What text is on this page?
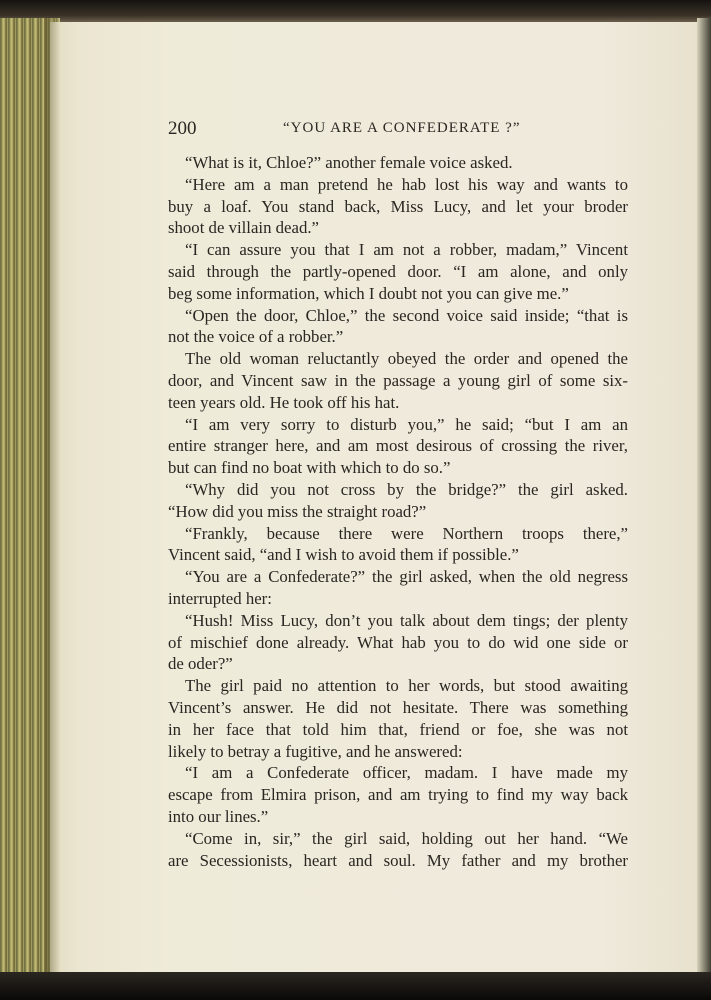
200	“YOU ARE A CONFEDERATE ?”

“What is it, Chloe?” another female voice asked.

“Here am a man pretend he hab lost his way and wants to

buy a loaf. You stand back, Miss Lucy, and let your broder

shoot de villain dead.”

“I can assure you that I am not a robber, madam,” Vincent

said through the partly-opened door. “I am alone, and only

beg some information, which I doubt not you can give me.”

“Open the door, Chloe,” the second voice said inside; “that is

not the voice of a robber.”

The old woman reluctantly obeyed the order and opened the

door, and Vincent saw in the passage a young girl of some six-

teen years old. He took off his hat.

“I am very sorry to disturb you,” he said; “but I am an

entire stranger here, and am most desirous of crossing the river,

but can find no boat with which to do so.”

“Why did you not cross by the bridge?” the girl asked.

“How did you miss the straight road?”

“Frankly, because there were Northern troops there,”

Vincent said, “and I wish to avoid them if possible.”

“You are a Confederate?” the girl asked, when the old negress

interrupted her:

“Hush! Miss Lucy, don’t you talk about dem tings; der plenty

of mischief done already. What hab you to do wid one side or

de oder?”

The girl paid no attention to her words, but stood awaiting

Vincent’s answer. He did not hesitate. There was something

in her face that told him that, friend or foe, she was not

likely to betray a fugitive, and he answered:

“I am a Confederate officer, madam. I have made my

escape from Elmira prison, and am trying to find my way back

into our lines.”

“Come in, sir,” the girl said, holding out her hand. “We

are Secessionists, heart and soul. My father and my brother
